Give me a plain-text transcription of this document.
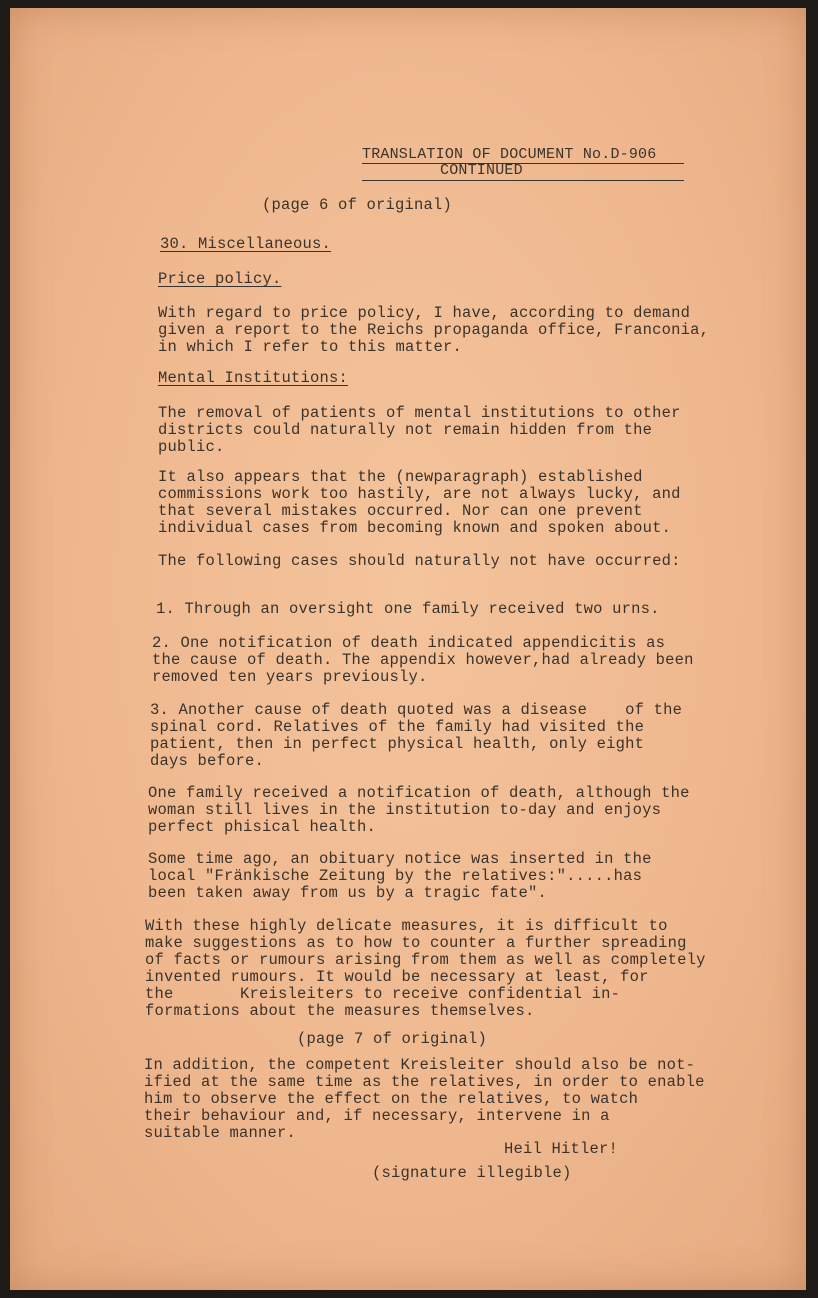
TRANSLATION OF DOCUMENT No.D-906
CONTINUED
(page 6 of original)
30. Miscellaneous.
Price policy.
With regard to price policy, I have, according to demand
given a report to the Reichs propaganda office, Franconia,
in which I refer to this matter.
Mental Institutions:
The removal of patients of mental institutions to other
districts could naturally not remain hidden from the
public.
It also appears that the (newparagraph) established
commissions work too hastily, are not always lucky, and
that several mistakes occurred. Nor can one prevent
individual cases from becoming known and spoken about.
The following cases should naturally not have occurred:
1. Through an oversight one family received two urns.
2. One notification of death indicated appendicitis as
the cause of death. The appendix however,had already been
removed ten years previously.
3. Another cause of death quoted was a disease    of the
spinal cord. Relatives of the family had visited the
patient, then in perfect physical health, only eight
days before.
One family received a notification of death, although the
woman still lives in the institution to-day and enjoys
perfect phisical health.
Some time ago, an obituary notice was inserted in the
local "Fränkische Zeitung by the relatives:".....has
been taken away from us by a tragic fate".
With these highly delicate measures, it is difficult to
make suggestions as to how to counter a further spreading
of facts or rumours arising from them as well as completely
invented rumours. It would be necessary at least, for
the       Kreisleiters to receive confidential in-
formations about the measures themselves.
(page 7 of original)
In addition, the competent Kreisleiter should also be not-
ified at the same time as the relatives, in order to enable
him to observe the effect on the relatives, to watch
their behaviour and, if necessary, intervene in a
suitable manner.
Heil Hitler!
(signature illegible)
